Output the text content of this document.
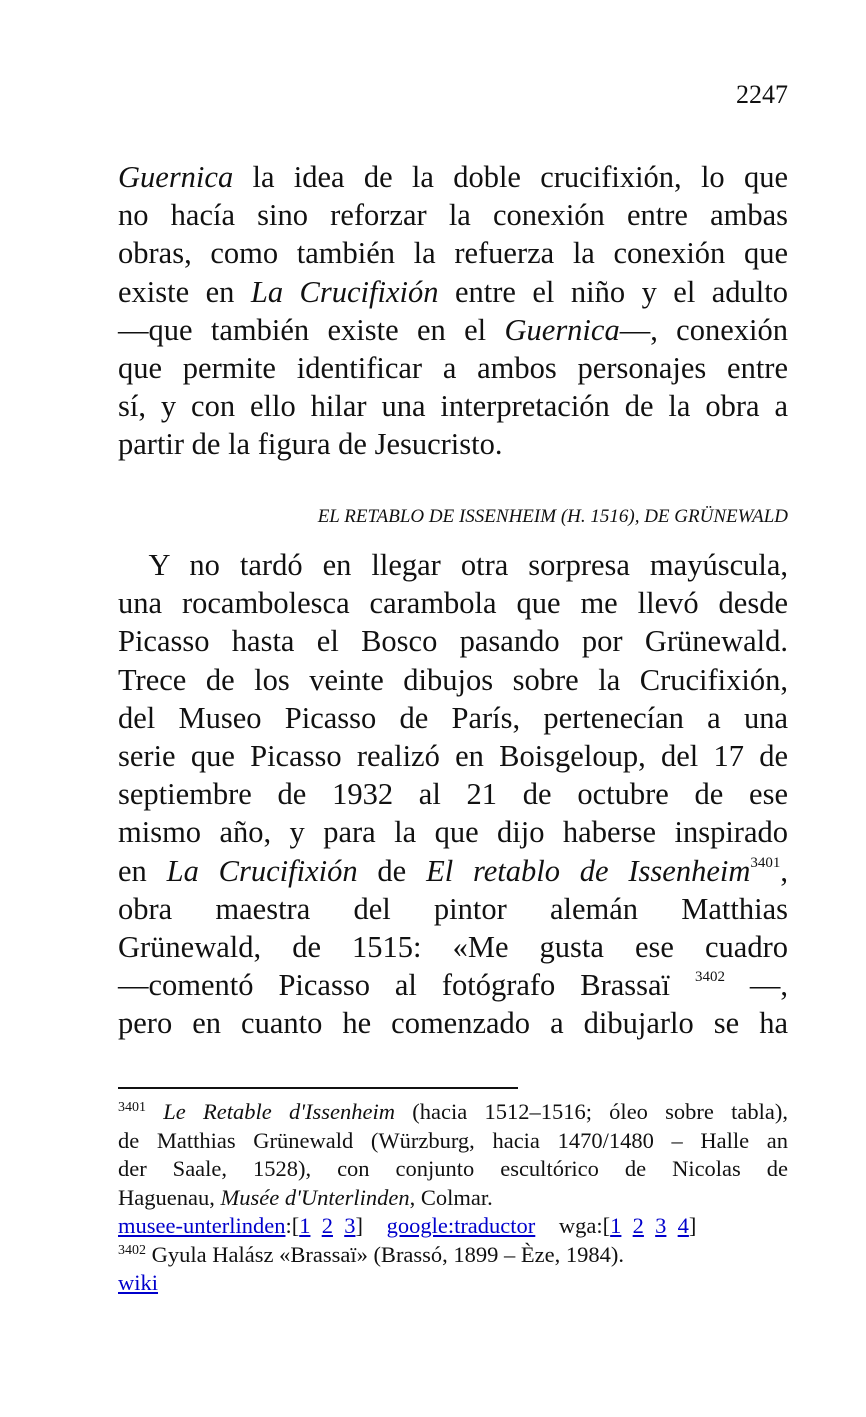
2247
Guernica la idea de la doble crucifixión, lo que
no hacía sino reforzar la conexión entre ambas
obras, como también la refuerza la conexión que
existe en La Crucifixión entre el niño y el adulto
—que también existe en el Guernica—, conexión
que permite identificar a ambos personajes entre
sí, y con ello hilar una interpretación de la obra a
partir de la figura de Jesucristo.
EL RETABLO DE ISSENHEIM (H. 1516), DE GRÜNEWALD
 Y no tardó en llegar otra sorpresa mayúscula,
una rocambolesca carambola que me llevó desde
Picasso hasta el Bosco pasando por Grünewald.
Trece de los veinte dibujos sobre la Crucifixión,
del Museo Picasso de París, pertenecían a una
serie que Picasso realizó en Boisgeloup, del 17 de
septiembre de 1932 al 21 de octubre de ese
mismo año, y para la que dijo haberse inspirado
en La Crucifixión de El retablo de Issenheim$^{3401}$,
obra maestra del pintor alemán Matthias
Grünewald, de 1515: «Me gusta ese cuadro
—comentó Picasso al fotógrafo Brassaï $^{3402}$ —,
pero en cuanto he comenzado a dibujarlo se ha
$^{3401}$ Le Retable d'Issenheim (hacia 1512–1516; óleo sobre tabla),
de Matthias Grünewald (Würzburg, hacia 1470/1480 – Halle an
der Saale, 1528), con conjunto escultórico de Nicolas de
Haguenau, Musée d'Unterlinden, Colmar.
musee-unterlinden:[1 2 3] google:traductor wga:[1 2 3 4]
$^{3402}$ Gyula Halász «Brassaï» (Brassó, 1899 – Èze, 1984).
wiki
